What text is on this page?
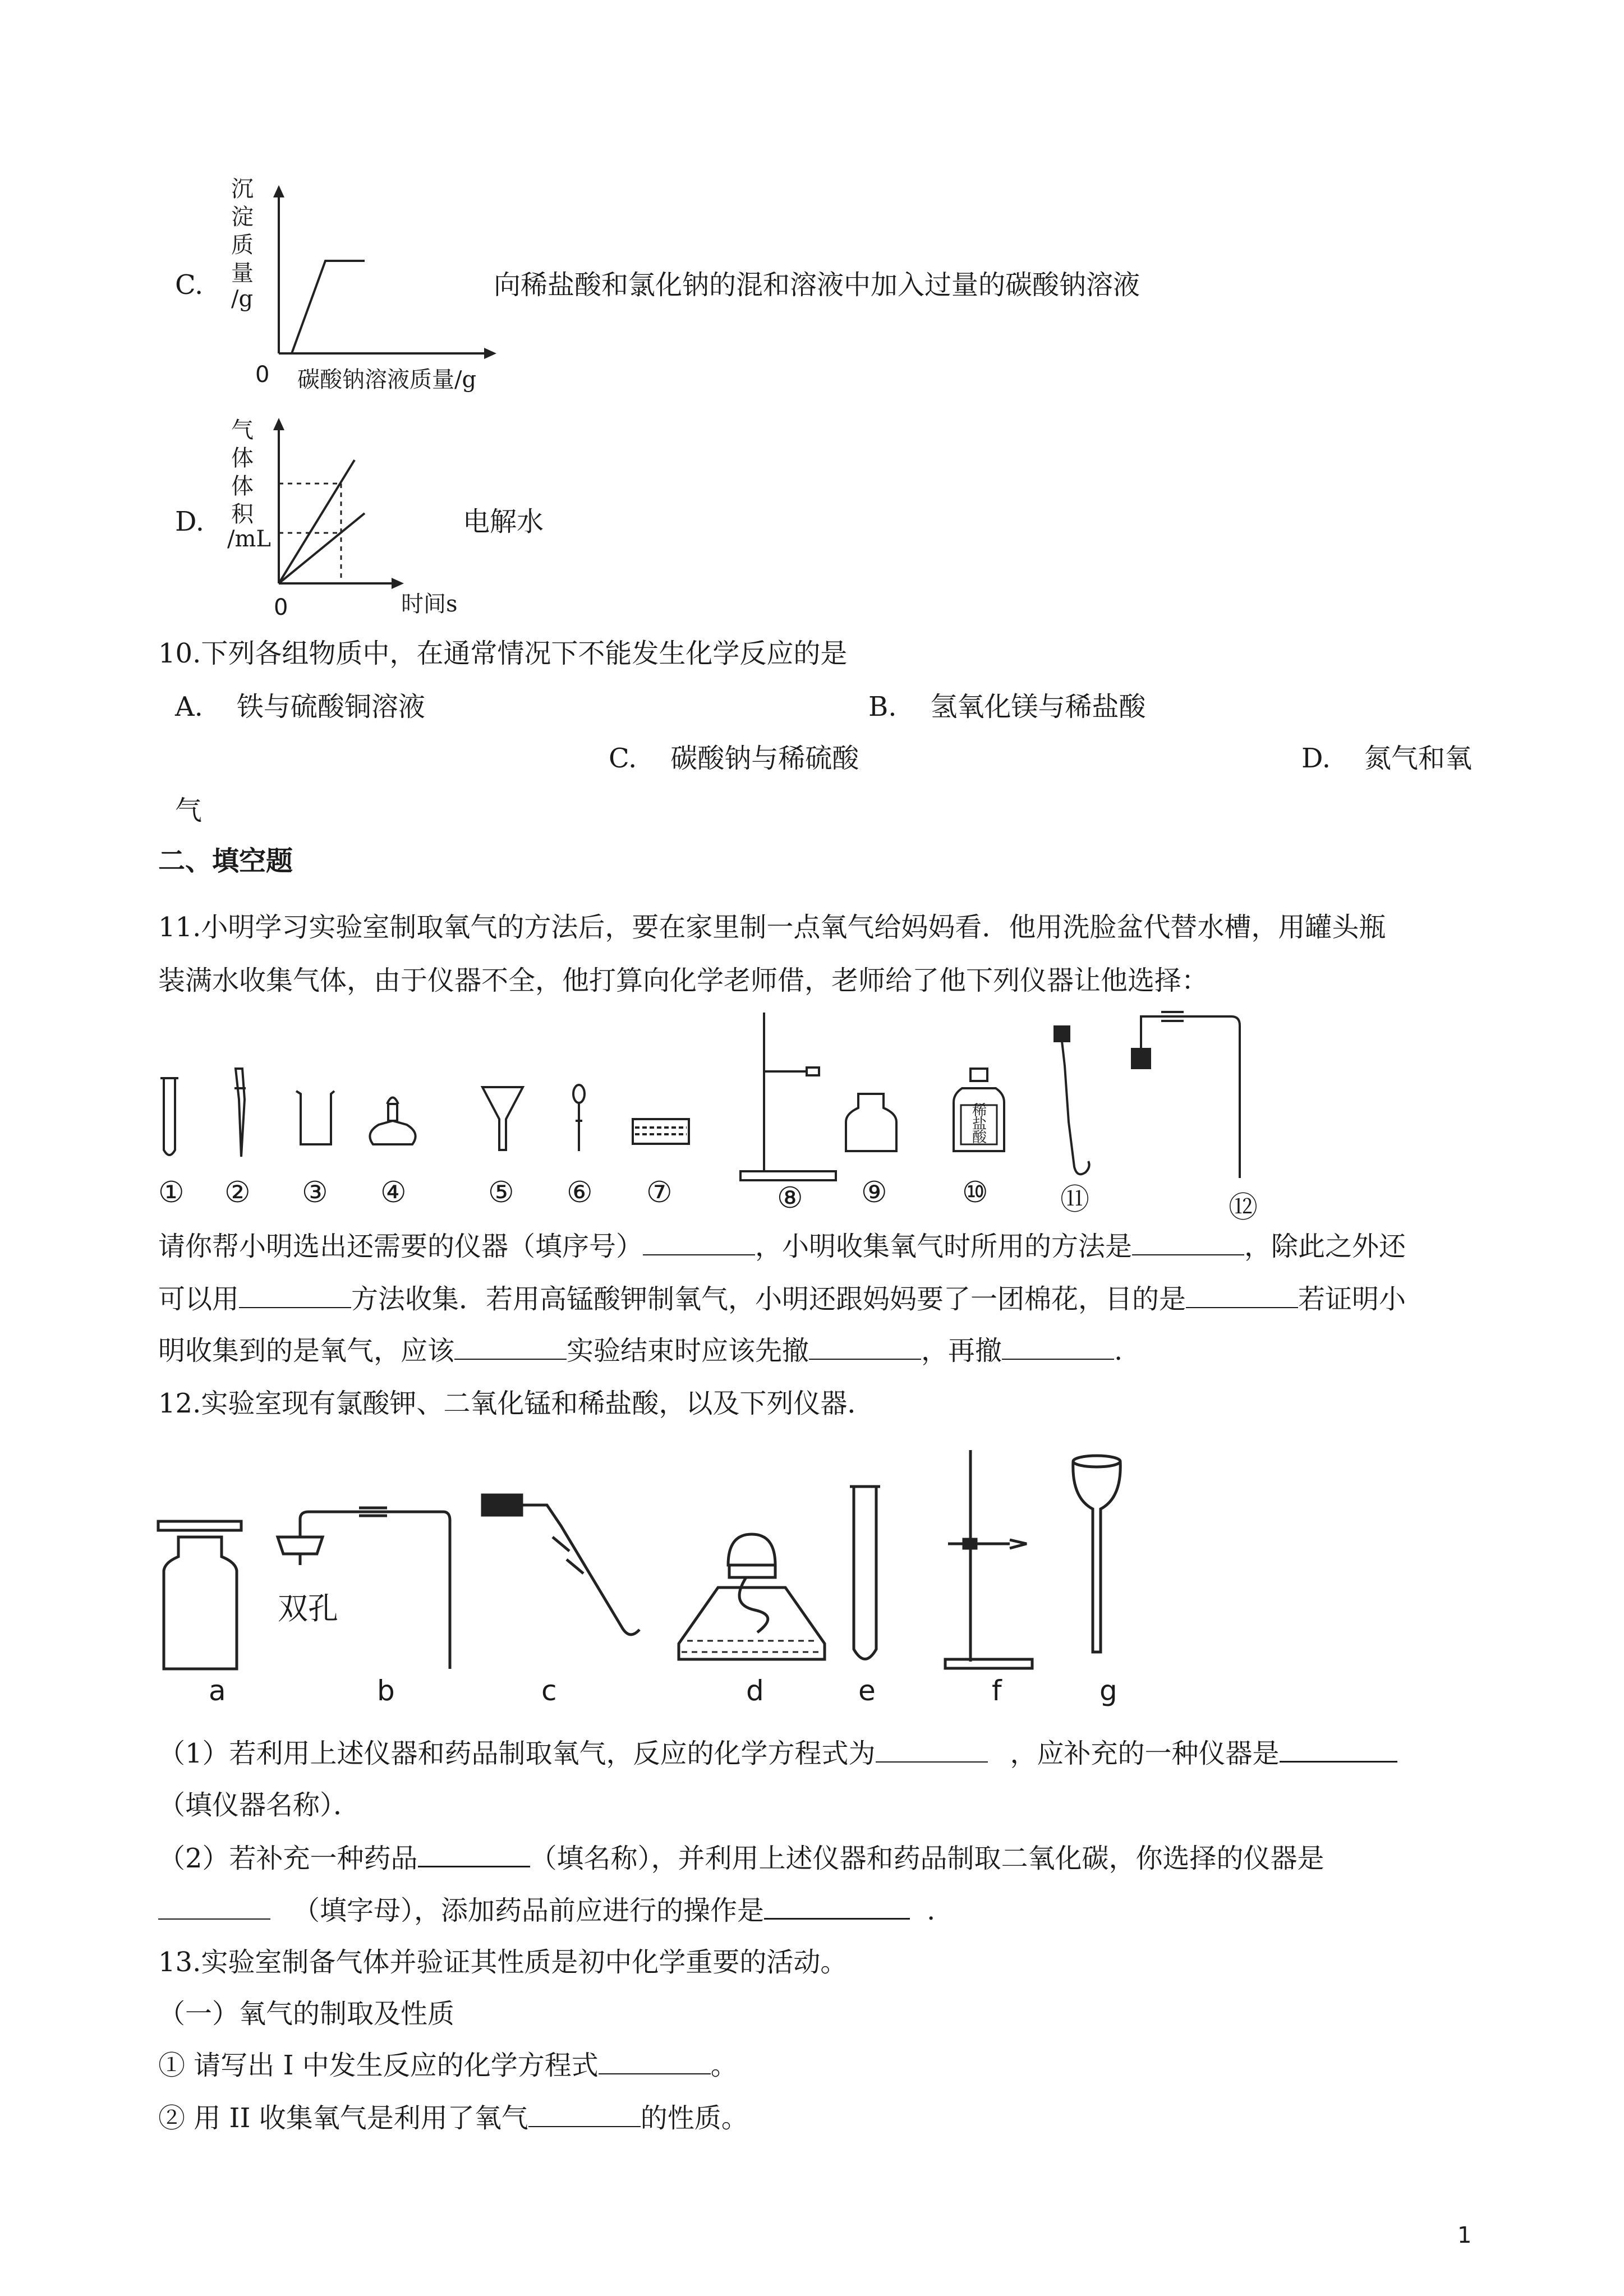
C.
沉
淀
质
量
/g
0 碳酸钠溶液质量/g
向稀盐酸和氯化钠的混和溶液中加入过量的碳酸钠溶液
D.
气
体
体
积
/mL
0	时间s
电解水
10.下列各组物质中，在通常情况下不能发生化学反应的是
A. 铁与硫酸铜溶液	B. 氢氧化镁与稀盐酸
C. 碳酸钠与稀硫酸	D. 氮气和氧
气
二、填空题
11.小明学习实验室制取氧气的方法后，要在家里制一点氧气给妈妈看．他用洗脸盆代替水槽，用罐头瓶
装满水收集气体，由于仪器不全，他打算向化学老师借，老师给了他下列仪器让他选择：
稀
盐
酸
① ② ③ ④	⑤ ⑥ ⑦	⑧ ⑨	⑩ ⑪	⑫
请你帮小明选出还需要的仪器（填序号）	，小明收集氧气时所用的方法是	，除此之外还
可以用	方法收集．若用高锰酸钾制氧气，小明还跟妈妈要了一团棉花，目的是	若证明小
明收集到的是氧气，应该	实验结束时应该先撤	，再撤	.
12.实验室现有氯酸钾、二氧化锰和稀盐酸，以及下列仪器．
双孔
a	b	c	d	e	f	g
（1）若利用上述仪器和药品制取氧气，反应的化学方程式为	，应补充的一种仪器是
（填仪器名称）．
（2）若补充一种药品	（填名称），并利用上述仪器和药品制取二氧化碳，你选择的仪器是
（填字母），添加药品前应进行的操作是	.
13.实验室制备气体并验证其性质是初中化学重要的活动。
（一）氧气的制取及性质
① 请写出 I 中发生反应的化学方程式	。
② 用 II 收集氧气是利用了氧气	的性质。
1
